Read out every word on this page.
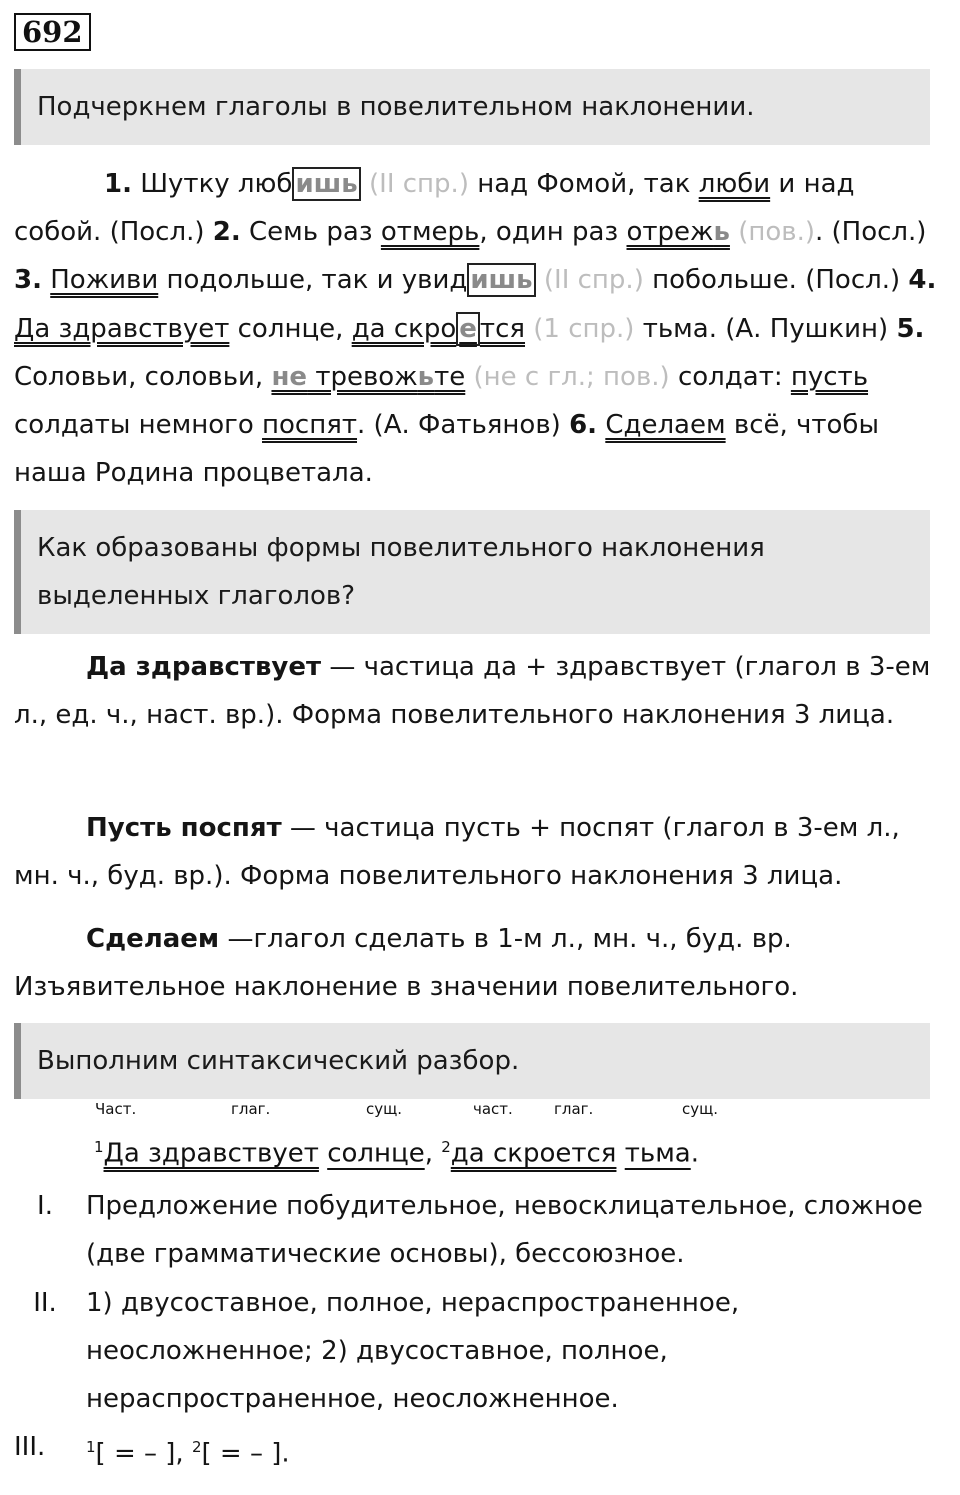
692
Подчеркнем глаголы в повелительном наклонении.
1. Шутку люб ишь (II спр.) над Фомой, так люби и над собой. (Посл.) 2. Семь раз отмерь, один раз отрежь (пов.). (Посл.) 3. Поживи подольше, так и увид ишь (II спр.) побольше. (Посл.) 4. Да здравствует солнце, да скро е тся (1 спр.) тьма. (А. Пушкин) 5. Соловьи, соловьи, не тревожьте (не с гл.; пов.) солдат: пусть солдаты немного поспят. (А. Фатьянов) 6. Сделаем всё, чтобы наша Родина процветала.
Как образованы формы повелительного наклонения выделенных глаголов?
Да здравствует — частица да + здравствует (глагол в 3-ем л., ед. ч., наст. вр.). Форма повелительного наклонения 3 лица.
Пусть поспят — частица пусть + поспят (глагол в 3-ем л., мн. ч., буд. вр.). Форма повелительного наклонения 3 лица.
Сделаем —глагол сделать в 1-м л., мн. ч., буд. вр. Изъявительное наклонение в значении повелительного.
Выполним синтаксический разбор.
Част.	глаг.	сущ.	част.	глаг.	сущ.
$^1$Да здравствует солнце, $^2$да скроется тьма.
I.	Предложение побудительное, невосклицательное, сложное (две грамматические основы), бессоюзное.
II.	1) двусоставное, полное, нераспространенное, неосложненное; 2) двусоставное, полное, нераспространенное, неосложненное.
III.	$^1$[ = – ], $^2$[ = – ].
